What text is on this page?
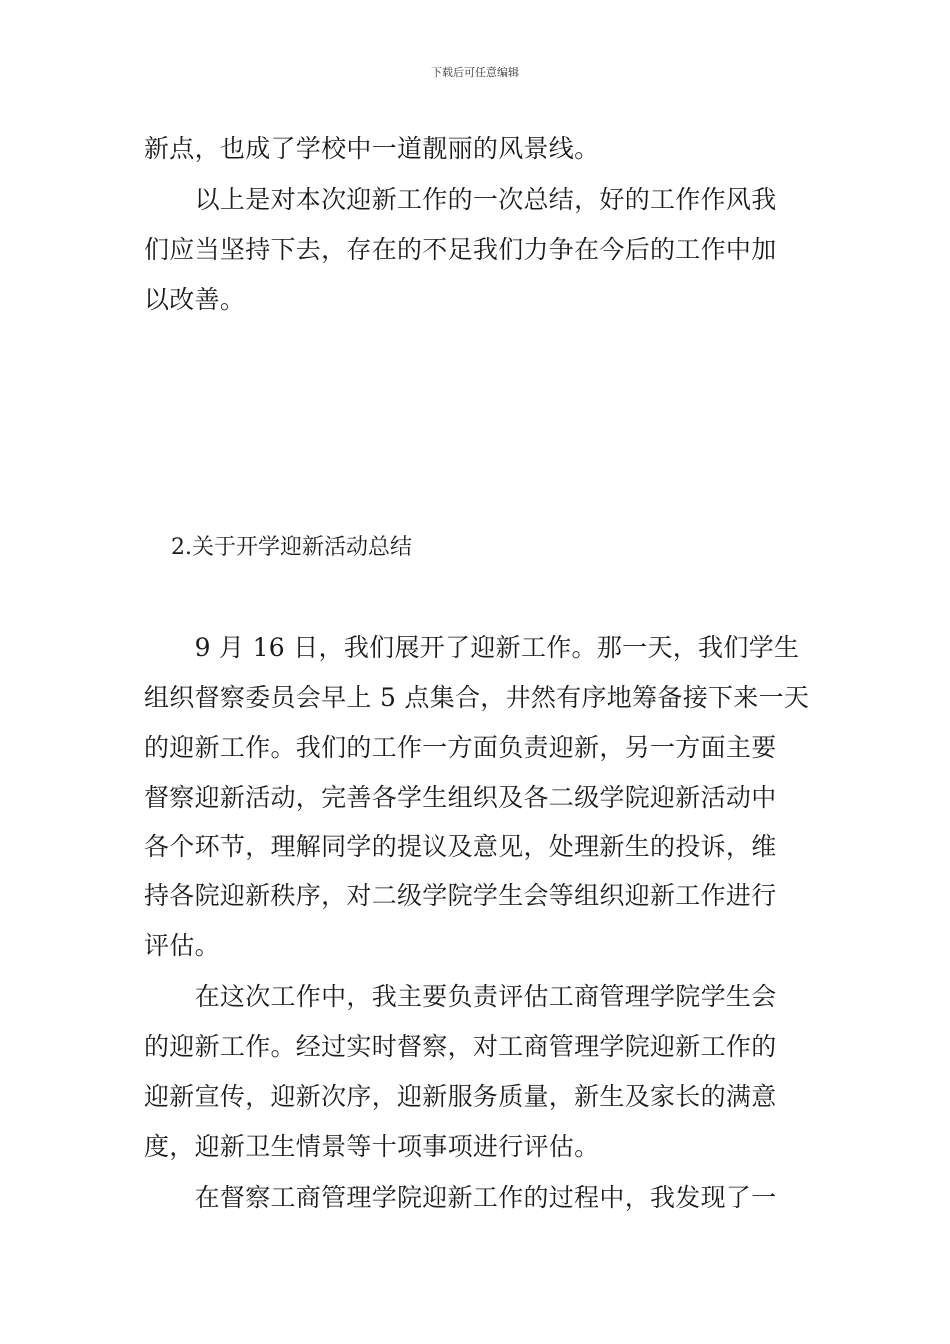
下载后可任意编辑
新点，也成了学校中一道靓丽的风景线。
　　以上是对本次迎新工作的一次总结，好的工作作风我
们应当坚持下去，存在的不足我们力争在今后的工作中加
以改善。
2.关于开学迎新活动总结
　　9 月 16 日，我们展开了迎新工作。那一天，我们学生
组织督察委员会早上 5 点集合，井然有序地筹备接下来一天
的迎新工作。我们的工作一方面负责迎新，另一方面主要
督察迎新活动，完善各学生组织及各二级学院迎新活动中
各个环节，理解同学的提议及意见，处理新生的投诉，维
持各院迎新秩序，对二级学院学生会等组织迎新工作进行
评估。
　　在这次工作中，我主要负责评估工商管理学院学生会
的迎新工作。经过实时督察，对工商管理学院迎新工作的
迎新宣传，迎新次序，迎新服务质量，新生及家长的满意
度，迎新卫生情景等十项事项进行评估。
　　在督察工商管理学院迎新工作的过程中，我发现了一
